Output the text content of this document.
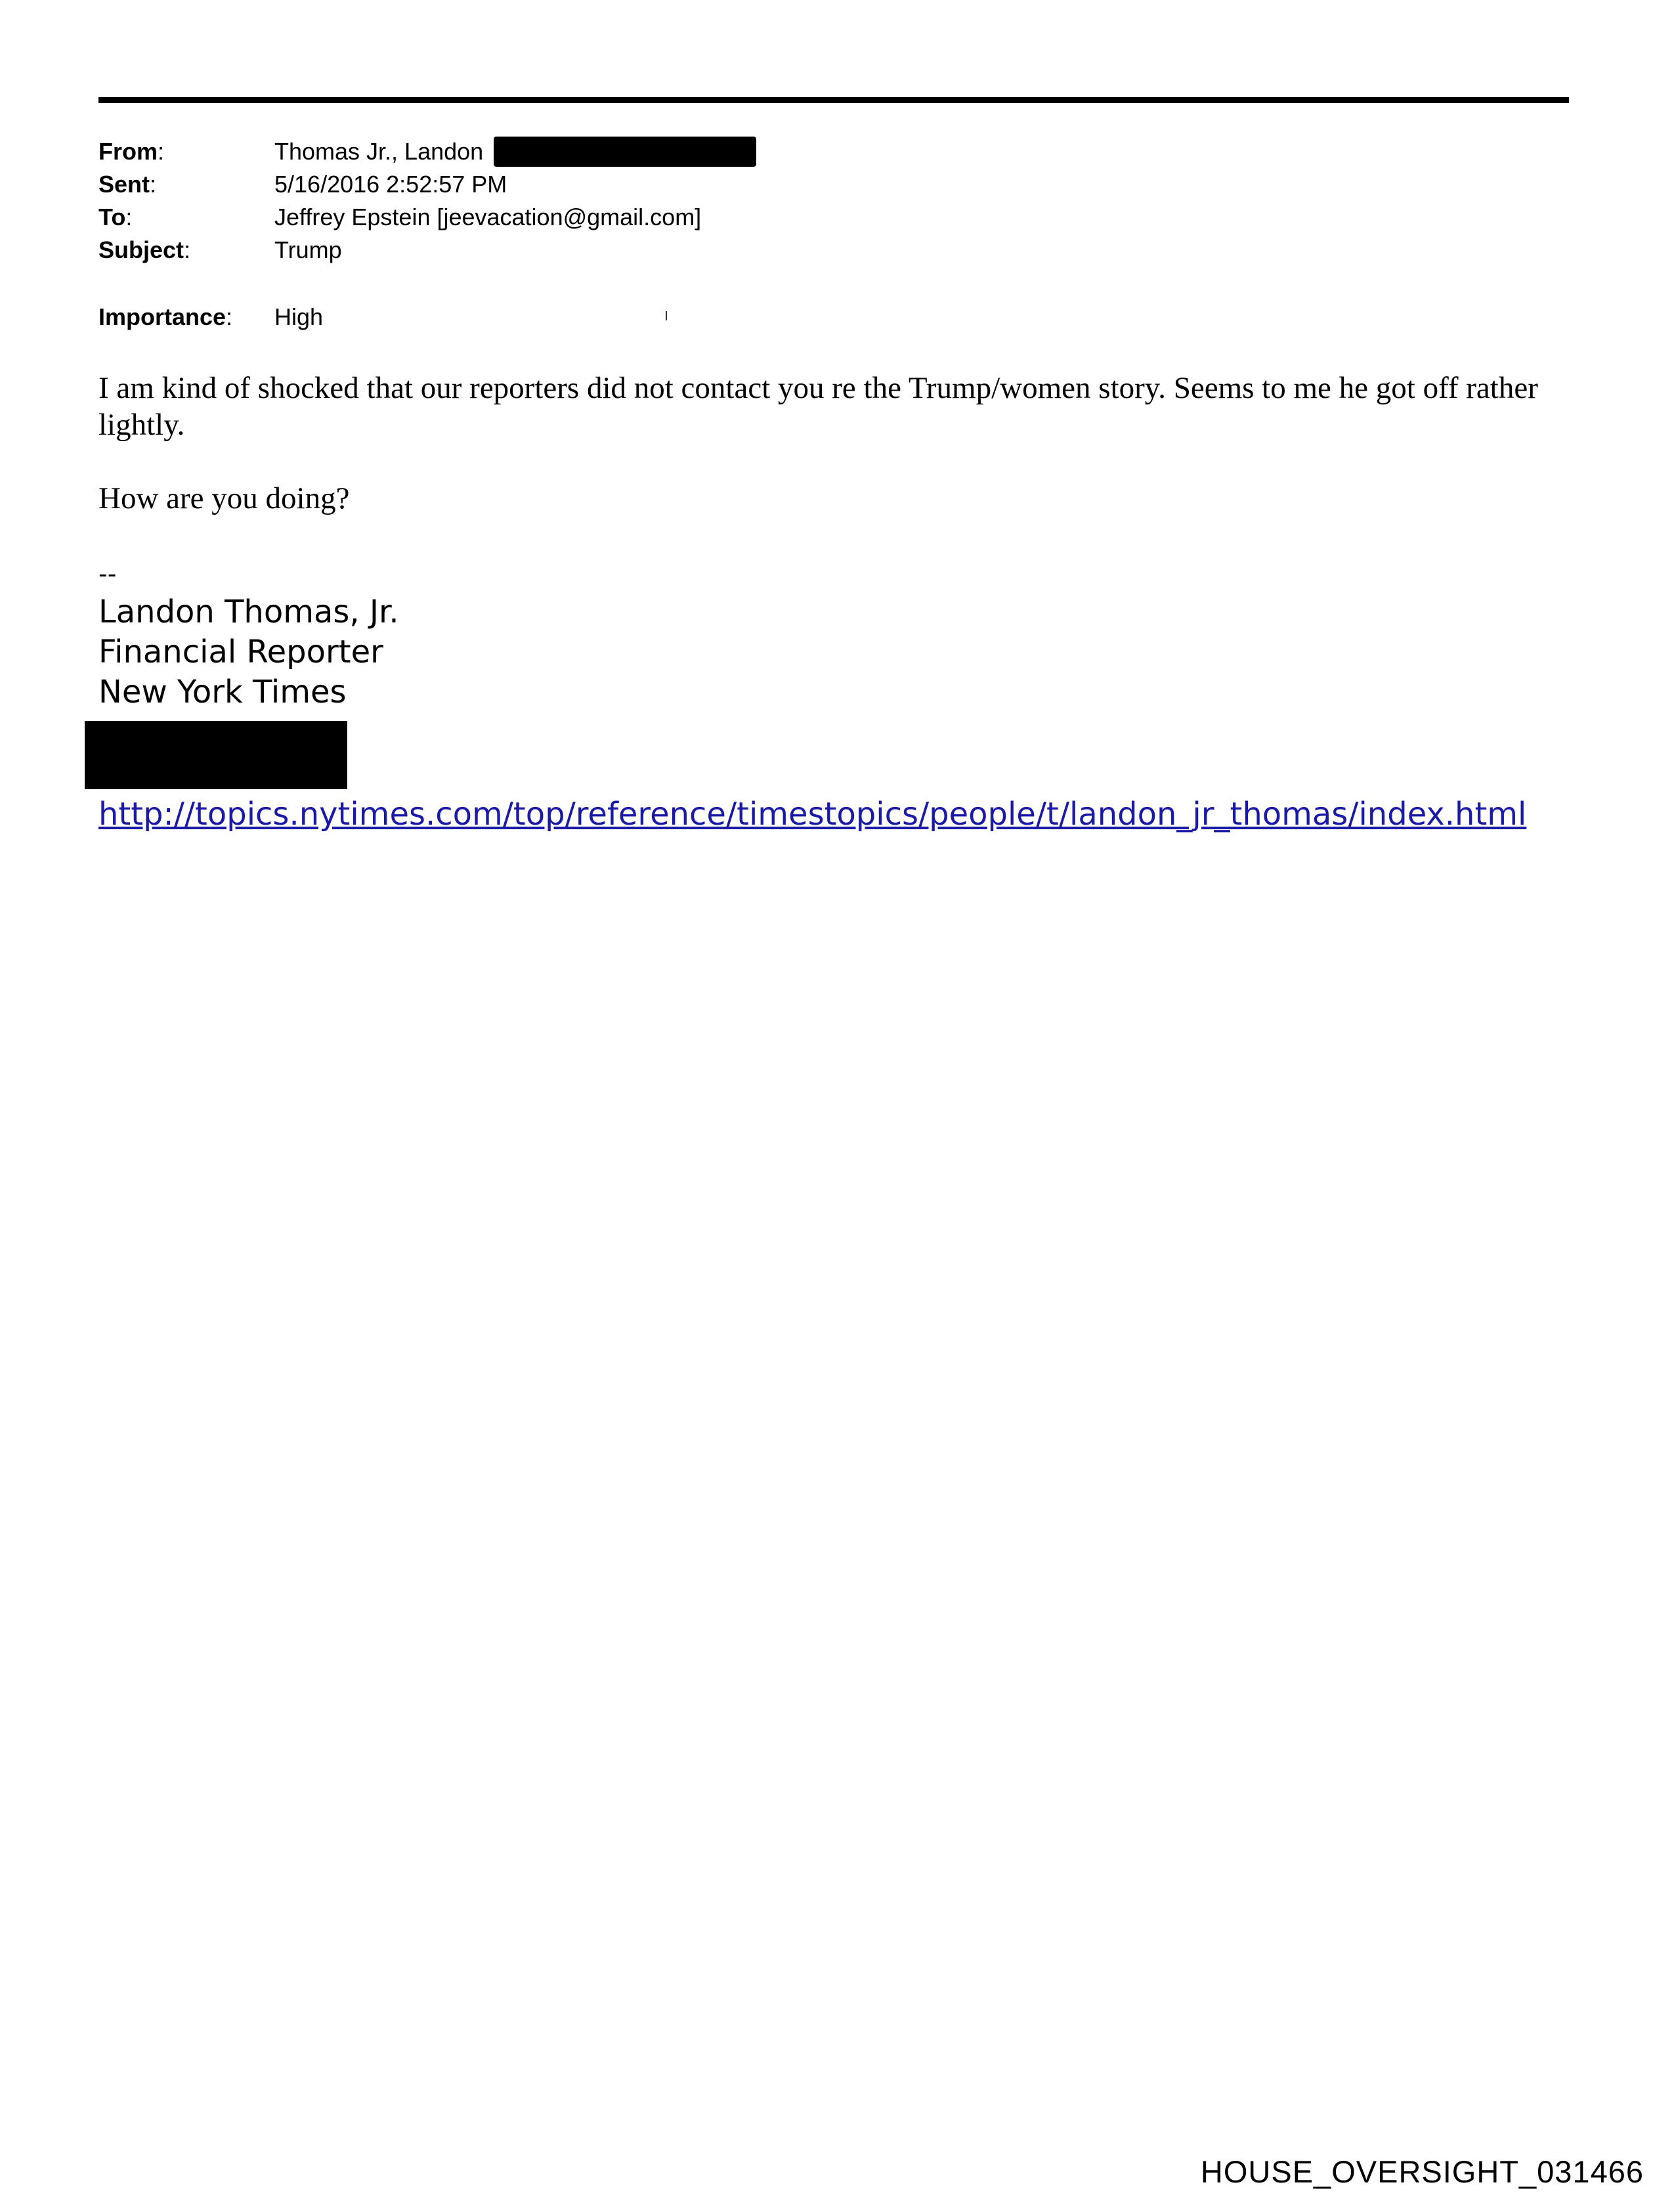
From:	Thomas Jr., Landon
Sent:	5/16/2016 2:52:57 PM
To:	Jeffrey Epstein [jeevacation@gmail.com]
Subject:	Trump
Importance:	High

I am kind of shocked that our reporters did not contact you re the Trump/women story. Seems to me he got off rather lightly.

How are you doing?

--
Landon Thomas, Jr.
Financial Reporter
New York Times
http://topics.nytimes.com/top/reference/timestopics/people/t/landon_jr_thomas/index.html
HOUSE_OVERSIGHT_031466
